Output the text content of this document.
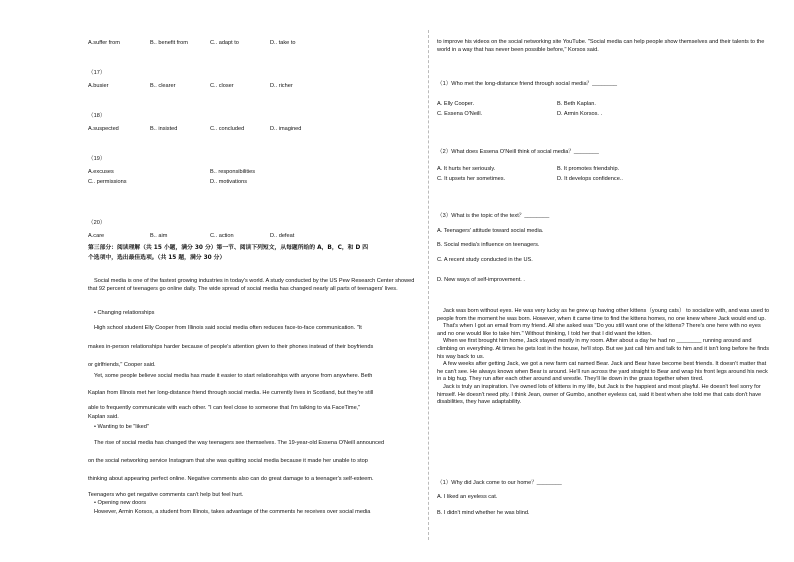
A.suffer from	B.. benefit from	C.. adapt to	D.. take to
（17）
A.busier	B.. clearer	C.. closer	D.. richer
（18）
A.suspected	B.. insisted	C.. concluded	D.. imagined
（19）
A.excuses	B.. responsibilities
C.. permissions	D.. motivations
（20）
A.care	B.. aim	C.. action	D.. defeat
第三部分：阅读理解（共 15 小题，满分 30 分）第一节、阅读下列短文，从每题所给的 A，B，C，和 D 四
个选项中，选出最佳选项。（共 15 题，满分 30 分）

Social media is one of the fastest growing industries in today's world. A study conducted by the US Pew Research Center showed that 92 percent of teenagers go online daily. The wide spread of social media has changed nearly all parts of teenagers' lives.

• Changing relationships
High school student Elly Cooper from Illinois said social media often reduces face-to-face communication. "It
makes in-person relationships harder because of people's attention given to their phones instead of their boyfriends
or girlfriends," Cooper said.
Yet, some people believe social media has made it easier to start relationships with anyone from anywhere. Beth
Kaplan from Illinois met her long-distance friend through social media. He currently lives in Scotland, but they're still
able to frequently communicate with each other. "I can feel close to someone that I'm talking to via FaceTime,"
Kaplan said.
• Wanting to be "liked"
The rise of social media has changed the way teenagers see themselves. The 19-year-old Essena O'Neill announced
on the social networking service Instagram that she was quitting social media because it made her unable to stop
thinking about appearing perfect online. Negative comments also can do great damage to a teenager's self-esteem.
Teenagers who get negative comments can't help but feel hurt.
• Opening new doors
However, Armin Korsos, a student from Illinois, takes advantage of the comments he receives over social media

to improve his videos on the social networking site YouTube. "Social media can help people show themselves and their talents to the world in a way that has never been possible before," Korsos said.

（1）Who met the long-distance friend through social media？________
A. Elly Cooper.	B. Beth Kaplan.
C. Essena O'Neill.	D. Armin Korsos. .
（2）What does Essena O'Neill think of social media？________
A. It hurts her seriously.	B. It promotes friendship.
C. It upsets her sometimes.	D. It develops confidence..
（3）What is the topic of the text？________
A. Teenagers' attitude toward social media.
B. Social media's influence on teenagers.
C. A recent study conducted in the US.
D. New ways of self-improvement. .

Jack was born without eyes. He was very lucky as he grew up having other kittens（young cats） to socialize with, and was used to people from the moment he was born. However, when it came time to find the kittens homes, no one knew where Jack would end up.

That's when I got an email from my friend. All she asked was "Do you still want one of the kittens? There's one here with no eyes and no one would like to take him." Without thinking, I told her that I did want the kitten.

When we first brought him home, Jack stayed mostly in my room. After about a day he had no ________ running around and climbing on everything. At times he gets lost in the house, he'll stop. But we just call him and talk to him and it isn't long before he finds his way back to us.

A few weeks after getting Jack, we got a new farm cat named Bear. Jack and Bear have become best friends. It doesn't matter that he can't see. He always knows when Bear is around. He'll run across the yard straight to Bear and wrap his front legs around his neck in a big hug. They run after each other around and wrestle. They'll lie down in the grass together when tired.

Jack is truly an inspiration. I've owned lots of kittens in my life, but Jack is the happiest and most playful. He doesn't feel sorry for himself. He doesn't need pity. I think Jean, owner of Gumbo, another eyeless cat, said it best when she told me that cats don't have disabilities, they have adaptability.

（1）Why did Jack come to our home？________
A. I liked an eyeless cat.
B. I didn't mind whether he was blind.
